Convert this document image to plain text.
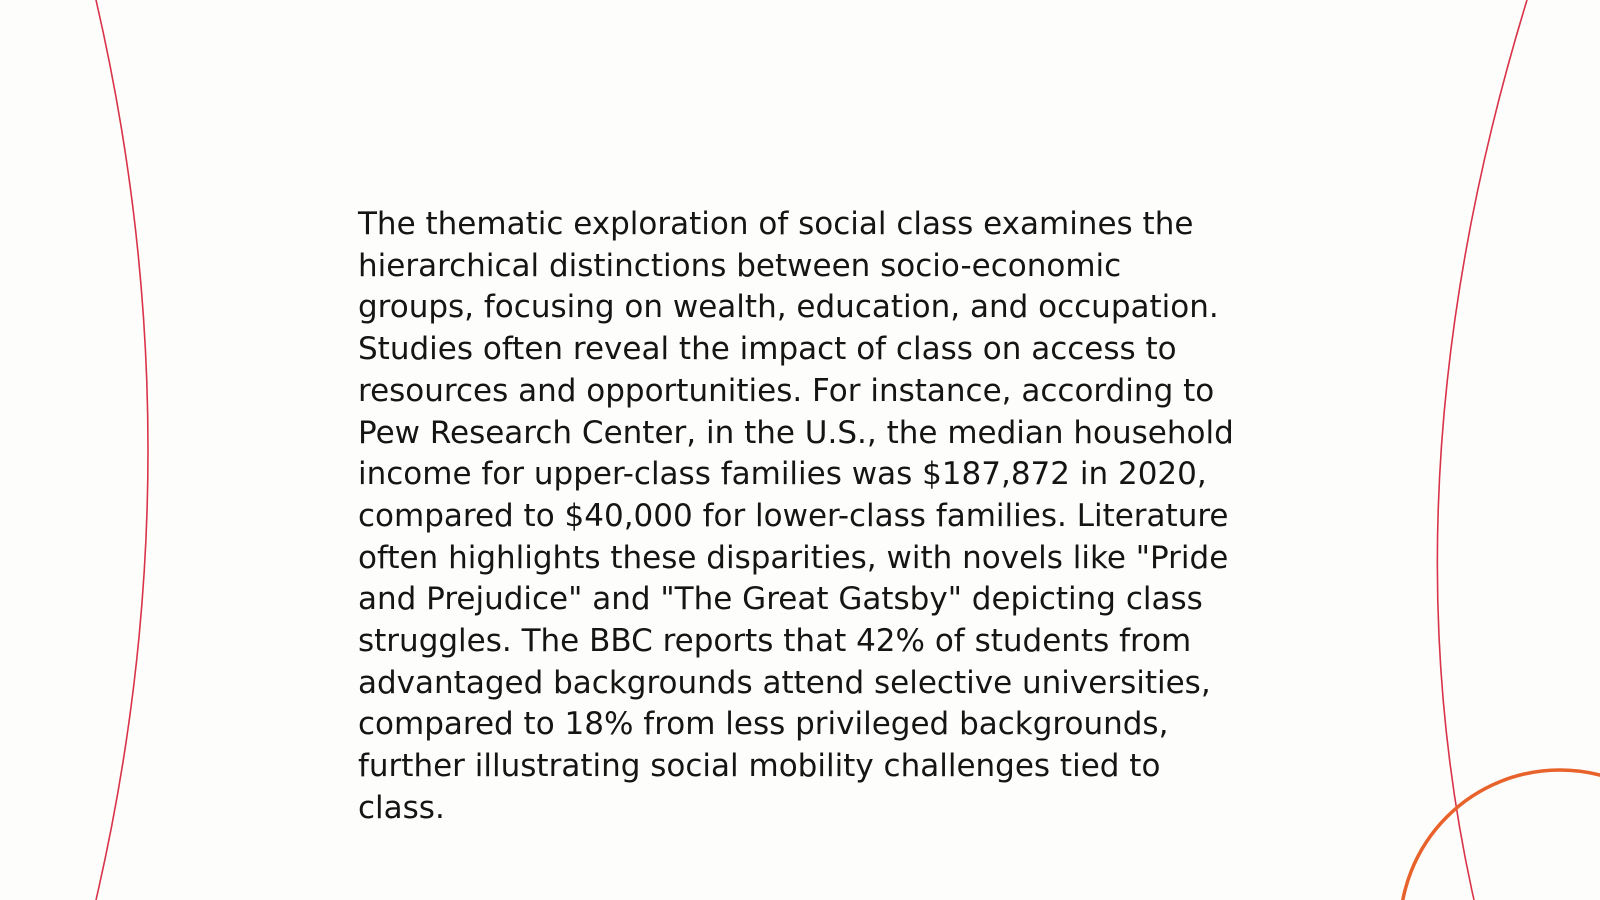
The thematic exploration of social class examines the hierarchical distinctions between socio-economic groups, focusing on wealth, education, and occupation. Studies often reveal the impact of class on access to resources and opportunities. For instance, according to Pew Research Center, in the U.S., the median household income for upper-class families was $187,872 in 2020, compared to $40,000 for lower-class families. Literature often highlights these disparities, with novels like "Pride and Prejudice" and "The Great Gatsby" depicting class struggles. The BBC reports that 42% of students from advantaged backgrounds attend selective universities, compared to 18% from less privileged backgrounds, further illustrating social mobility challenges tied to class.
